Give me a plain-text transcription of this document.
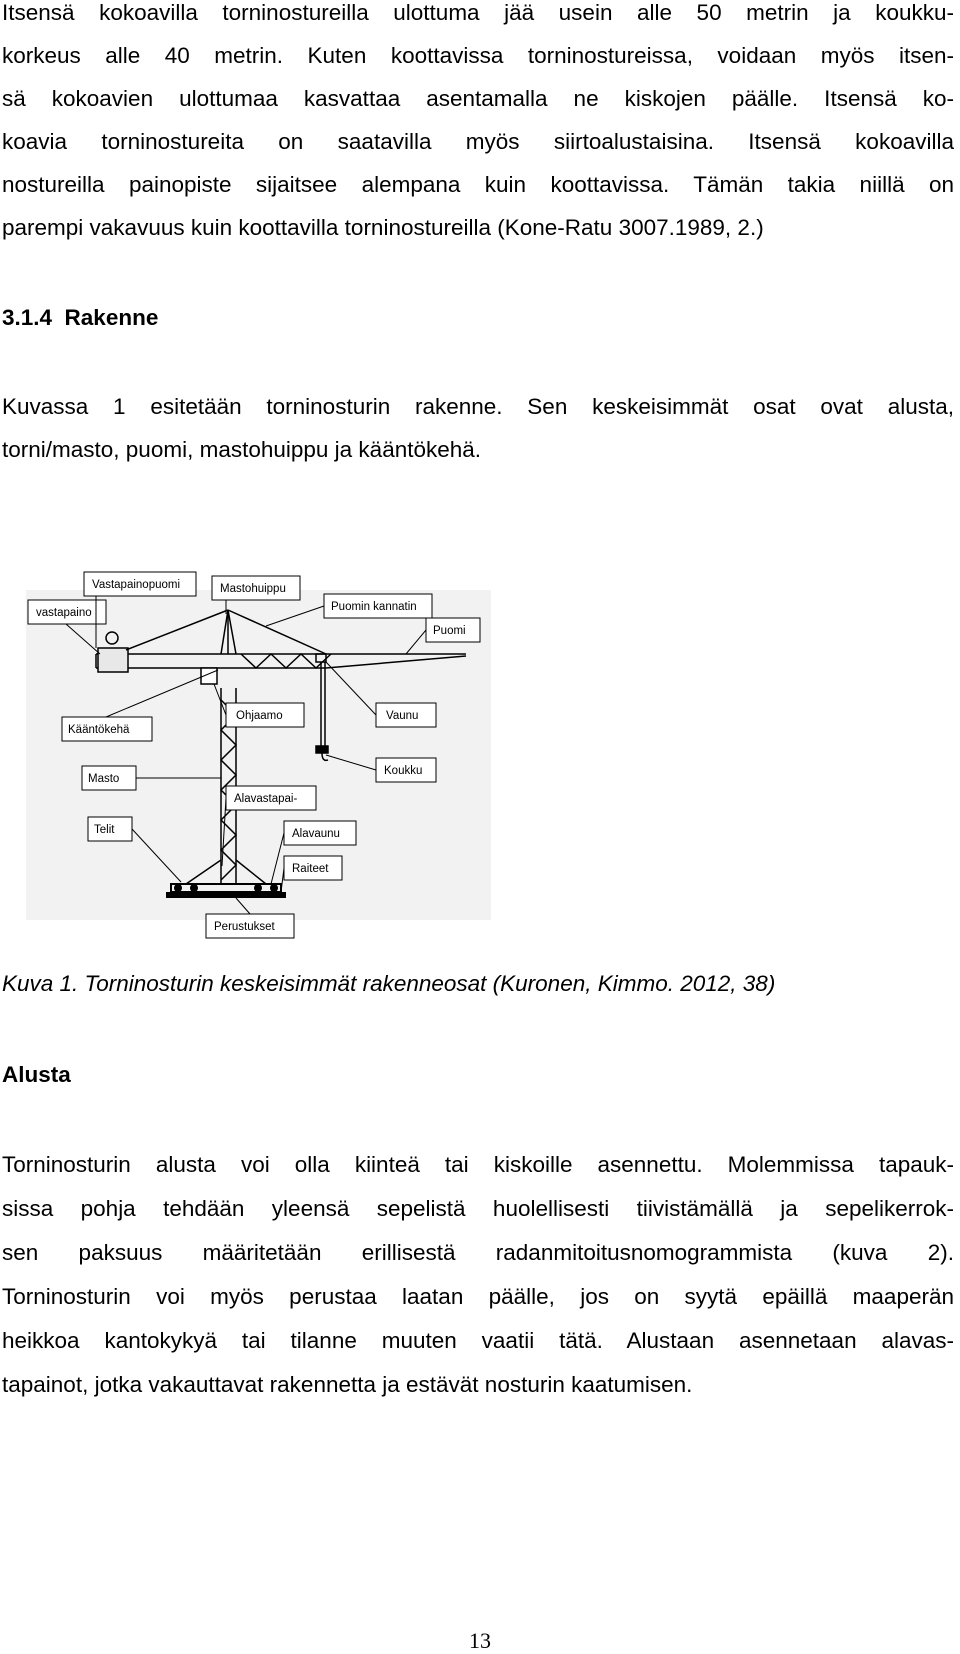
Itsensä kokoavilla torninostureilla ulottuma jää usein alle 50 metrin ja koukku-
korkeus alle 40 metrin. Kuten koottavissa torninostureissa, voidaan myös itsen-
sä kokoavien ulottumaa kasvattaa asentamalla ne kiskojen päälle. Itsensä ko-
koavia torninostureita on saatavilla myös siirtoalustaisina. Itsensä kokoavilla
nostureilla painopiste sijaitsee alempana kuin koottavissa. Tämän takia niillä on
parempi vakavuus kuin koottavilla torninostureilla (Kone-Ratu 3007.1989, 2.)
3.1.4  Rakenne
Kuvassa 1 esitetään torninosturin rakenne. Sen keskeisimmät osat ovat alusta,
torni/masto, puomi, mastohuippu ja kääntökehä.
Vastapainopuomi	Mastohuippu
Puomin kannatin
vastapaino
Puomi
Ohjaamo	Vaunu
Kääntökehä
Koukku
Masto
Alavastapai-
Telit	Alavaunu
Raiteet
Perustukset
Kuva 1. Torninosturin keskeisimmät rakenneosat (Kuronen, Kimmo. 2012, 38)
Alusta
Torninosturin alusta voi olla kiinteä tai kiskoille asennettu. Molemmissa tapauk-
sissa pohja tehdään yleensä sepelistä huolellisesti tiivistämällä ja sepelikerrok-
sen paksuus määritetään erillisestä radanmitoitusnomogrammista (kuva 2).
Torninosturin voi myös perustaa laatan päälle, jos on syytä epäillä maaperän
heikkoa kantokykyä tai tilanne muuten vaatii tätä. Alustaan asennetaan alavas-
tapainot, jotka vakauttavat rakennetta ja estävät nosturin kaatumisen.
13
